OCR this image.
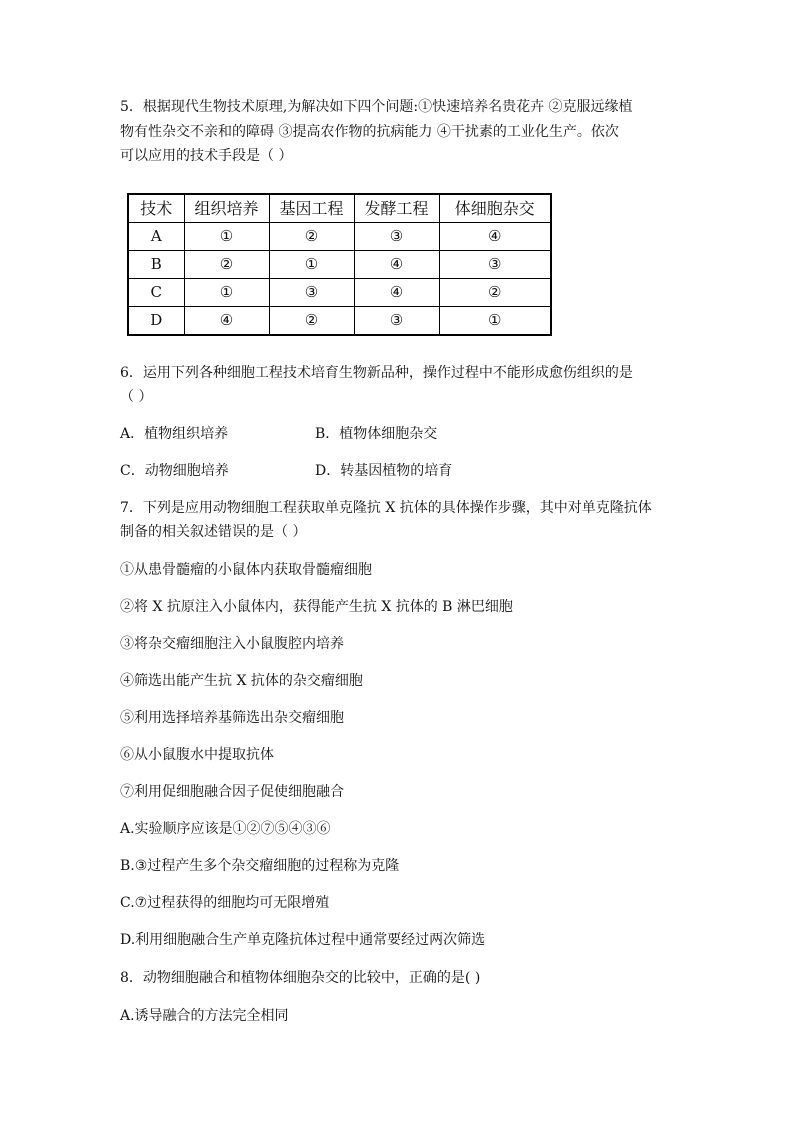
5．根据现代生物技术原理,为解决如下四个问题:①快速培养名贵花卉 ②克服远缘植
物有性杂交不亲和的障碍 ③提高农作物的抗病能力 ④干扰素的工业化生产。依次
可以应用的技术手段是（ ）
技术	组织培养	基因工程	发酵工程	体细胞杂交
A	①	②	③	④
B	②	①	④	③
C	①	③	④	②
D	④	②	③	①
6．运用下列各种细胞工程技术培育生物新品种，操作过程中不能形成愈伤组织的是
（ ）
A．植物组织培养	B．植物体细胞杂交
C．动物细胞培养	D．转基因植物的培育
7．下列是应用动物细胞工程获取单克隆抗 X 抗体的具体操作步骤，其中对单克隆抗体
制备的相关叙述错误的是（ ）
①从患骨髓瘤的小鼠体内获取骨髓瘤细胞
②将 X 抗原注入小鼠体内，获得能产生抗 X 抗体的 B 淋巴细胞
③将杂交瘤细胞注入小鼠腹腔内培养
④筛选出能产生抗 X 抗体的杂交瘤细胞
⑤利用选择培养基筛选出杂交瘤细胞
⑥从小鼠腹水中提取抗体
⑦利用促细胞融合因子促使细胞融合
A.实验顺序应该是①②⑦⑤④③⑥
B.③过程产生多个杂交瘤细胞的过程称为克隆
C.⑦过程获得的细胞均可无限增殖
D.利用细胞融合生产单克隆抗体过程中通常要经过两次筛选
8．动物细胞融合和植物体细胞杂交的比较中，正确的是( )
A.诱导融合的方法完全相同
